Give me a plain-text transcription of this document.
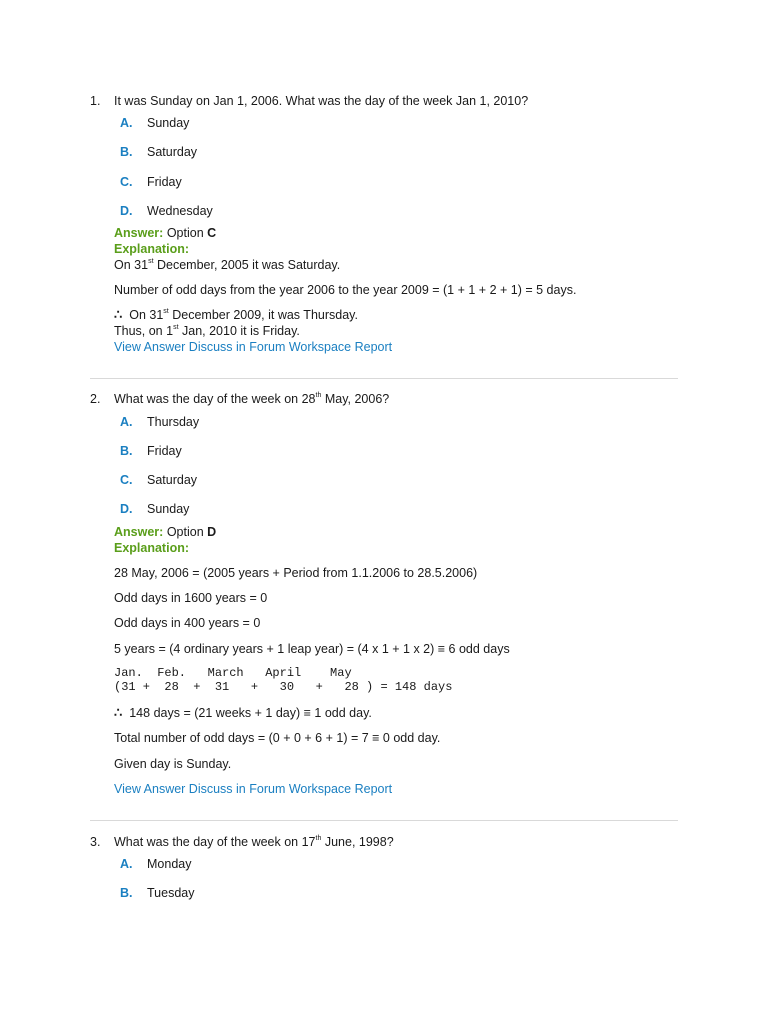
1. It was Sunday on Jan 1, 2006. What was the day of the week Jan 1, 2010?
A. Sunday
B. Saturday
C. Friday
D. Wednesday
Answer: Option C
Explanation:
On 31st December, 2005 it was Saturday.
Number of odd days from the year 2006 to the year 2009 = (1 + 1 + 2 + 1) = 5 days.
∴ On 31st December 2009, it was Thursday.
Thus, on 1st Jan, 2010 it is Friday.
View Answer Discuss in Forum Workspace Report
2. What was the day of the week on 28th May, 2006?
A. Thursday
B. Friday
C. Saturday
D. Sunday
Answer: Option D
Explanation:
28 May, 2006 = (2005 years + Period from 1.1.2006 to 28.5.2006)
Odd days in 1600 years = 0
Odd days in 400 years = 0
5 years = (4 ordinary years + 1 leap year) = (4 x 1 + 1 x 2) ≡ 6 odd days
Jan.  Feb.   March   April    May
(31 +  28  +  31   +   30   +   28 ) = 148 days
∴ 148 days = (21 weeks + 1 day) ≡ 1 odd day.
Total number of odd days = (0 + 0 + 6 + 1) = 7 ≡ 0 odd day.
Given day is Sunday.
View Answer Discuss in Forum Workspace Report
3. What was the day of the week on 17th June, 1998?
A. Monday
B. Tuesday
